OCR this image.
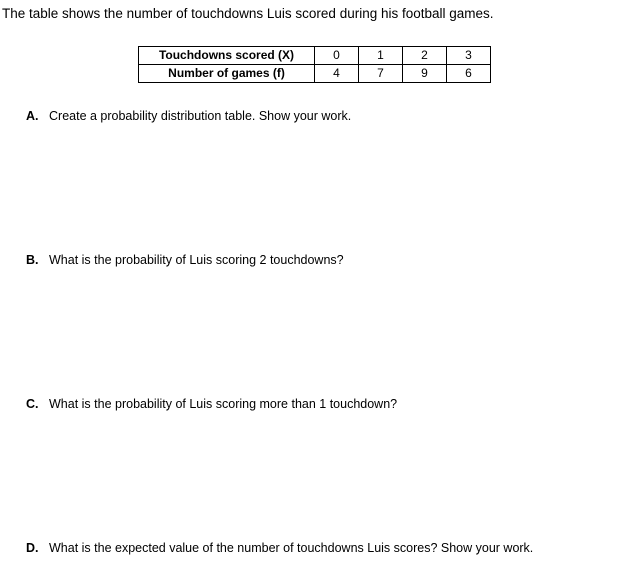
The table shows the number of touchdowns Luis scored during his football games.
Touchdowns scored (X)	0	1	2	3
Number of games (f)	4	7	9	6
A. Create a probability distribution table. Show your work.
B. What is the probability of Luis scoring 2 touchdowns?
C. What is the probability of Luis scoring more than 1 touchdown?
D. What is the expected value of the number of touchdowns Luis scores? Show your work.
